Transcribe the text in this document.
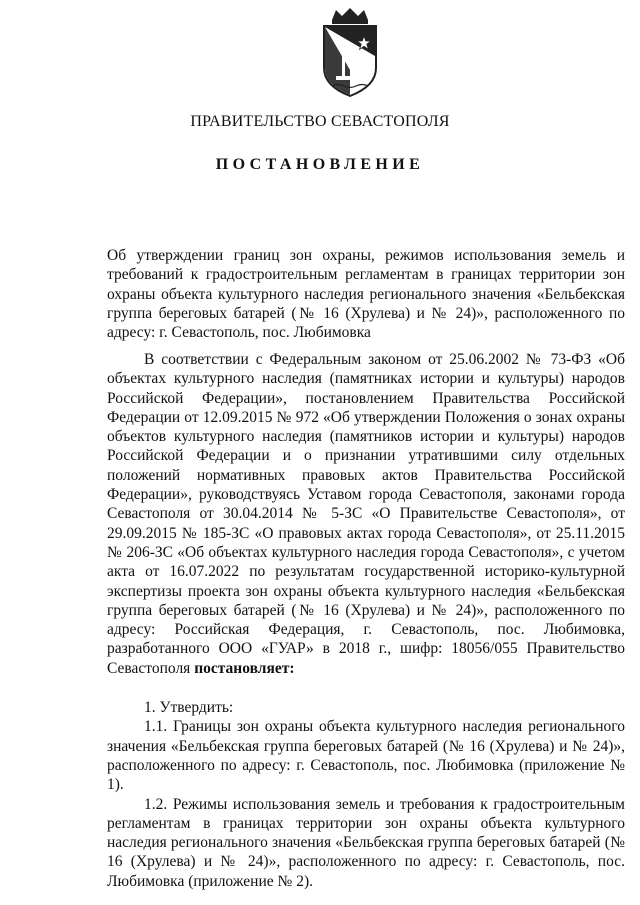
ПРАВИТЕЛЬСТВО СЕВАСТОПОЛЯ
ПОСТАНОВЛЕНИЕ
Об утверждении границ зон охраны, режимов использования земель и требований к градостроительным регламентам в границах территории зон охраны объекта культурного наследия регионального значения «Бельбекская группа береговых батарей (№ 16 (Хрулева) и № 24)», расположенного по адресу: г. Севастополь, пос. Любимовка

В соответствии с Федеральным законом от 25.06.2002 № 73-ФЗ «Об объектах культурного наследия (памятниках истории и культуры) народов Российской Федерации», постановлением Правительства Российской Федерации от 12.09.2015 № 972 «Об утверждении Положения о зонах охраны объектов культурного наследия (памятников истории и культуры) народов Российской Федерации и о признании утратившими силу отдельных положений нормативных правовых актов Правительства Российской Федерации», руководствуясь Уставом города Севастополя, законами города Севастополя от 30.04.2014 № 5-ЗС «О Правительстве Севастополя», от 29.09.2015 № 185-ЗС «О правовых актах города Севастополя», от 25.11.2015 № 206-ЗС «Об объектах культурного наследия города Севастополя», с учетом акта от 16.07.2022 по результатам государственной историко-культурной экспертизы проекта зон охраны объекта культурного наследия «Бельбекская группа береговых батарей (№ 16 (Хрулева) и № 24)», расположенного по адресу: Российская Федерация, г. Севастополь, пос. Любимовка, разработанного ООО «ГУАР» в 2018 г., шифр: 18056/055 Правительство Севастополя постановляет:

1. Утвердить:

1.1. Границы зон охраны объекта культурного наследия регионального значения «Бельбекская группа береговых батарей (№ 16 (Хрулева) и № 24)», расположенного по адресу: г. Севастополь, пос. Любимовка (приложение № 1).

1.2. Режимы использования земель и требования к градостроительным регламентам в границах территории зон охраны объекта культурного наследия регионального значения «Бельбекская группа береговых батарей (№ 16 (Хрулева) и № 24)», расположенного по адресу: г. Севастополь, пос. Любимовка (приложение № 2).
